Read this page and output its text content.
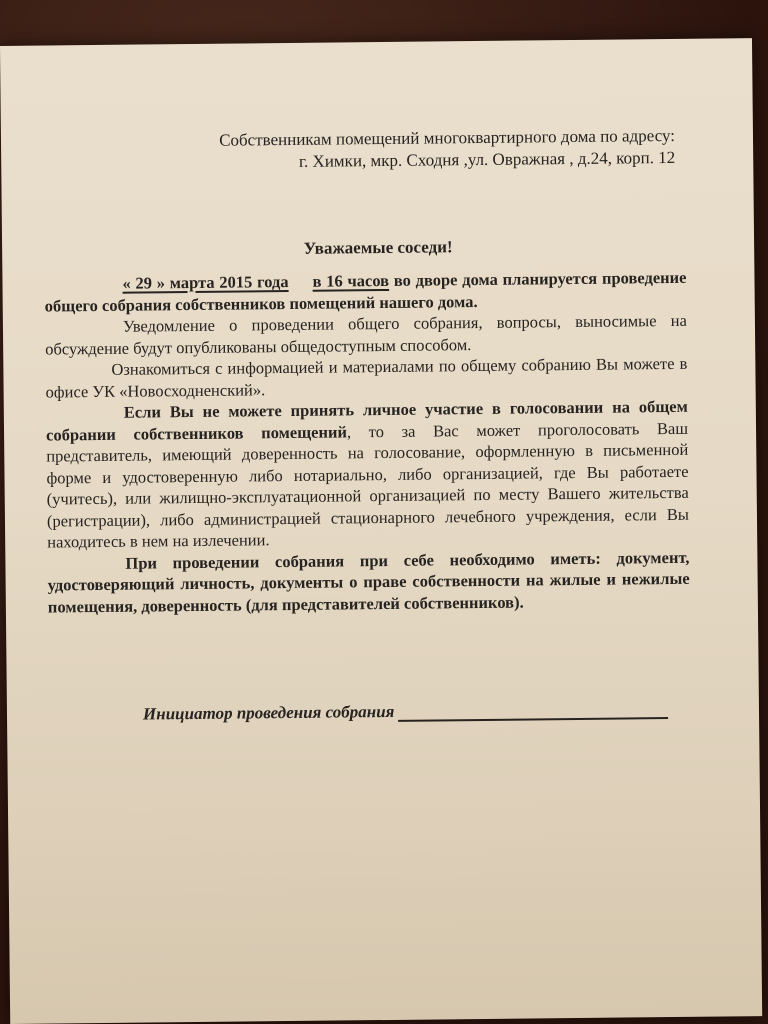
Собственникам помещений многоквартирного дома по адресу:
г. Химки, мкр. Сходня ,ул. Овражная , д.24, корп. 12
Уважаемые соседи!

« 29 » марта 2015 года в 16 часов во дворе дома планируется проведение общего собрания собственников помещений нашего дома.

Уведомление о проведении общего собрания, вопросы, выносимые на обсуждение будут опубликованы общедоступным способом.

Ознакомиться с информацией и материалами по общему собранию Вы можете в офисе УК «Новосходненский».

Если Вы не можете принять личное участие в голосовании на общем собрании собственников помещений, то за Вас может проголосовать Ваш представитель, имеющий доверенность на голосование, оформленную в письменной форме и удостоверенную либо нотариально, либо организацией, где Вы работаете (учитесь), или жилищно-эксплуатационной организацией по месту Вашего жительства (регистрации), либо администрацией стационарного лечебного учреждения, если Вы находитесь в нем на излечении.

При проведении собрания при себе необходимо иметь: документ, удостоверяющий личность, документы о праве собственности на жилые и нежилые помещения, доверенность (для представителей собственников).

Инициатор проведения собрания
